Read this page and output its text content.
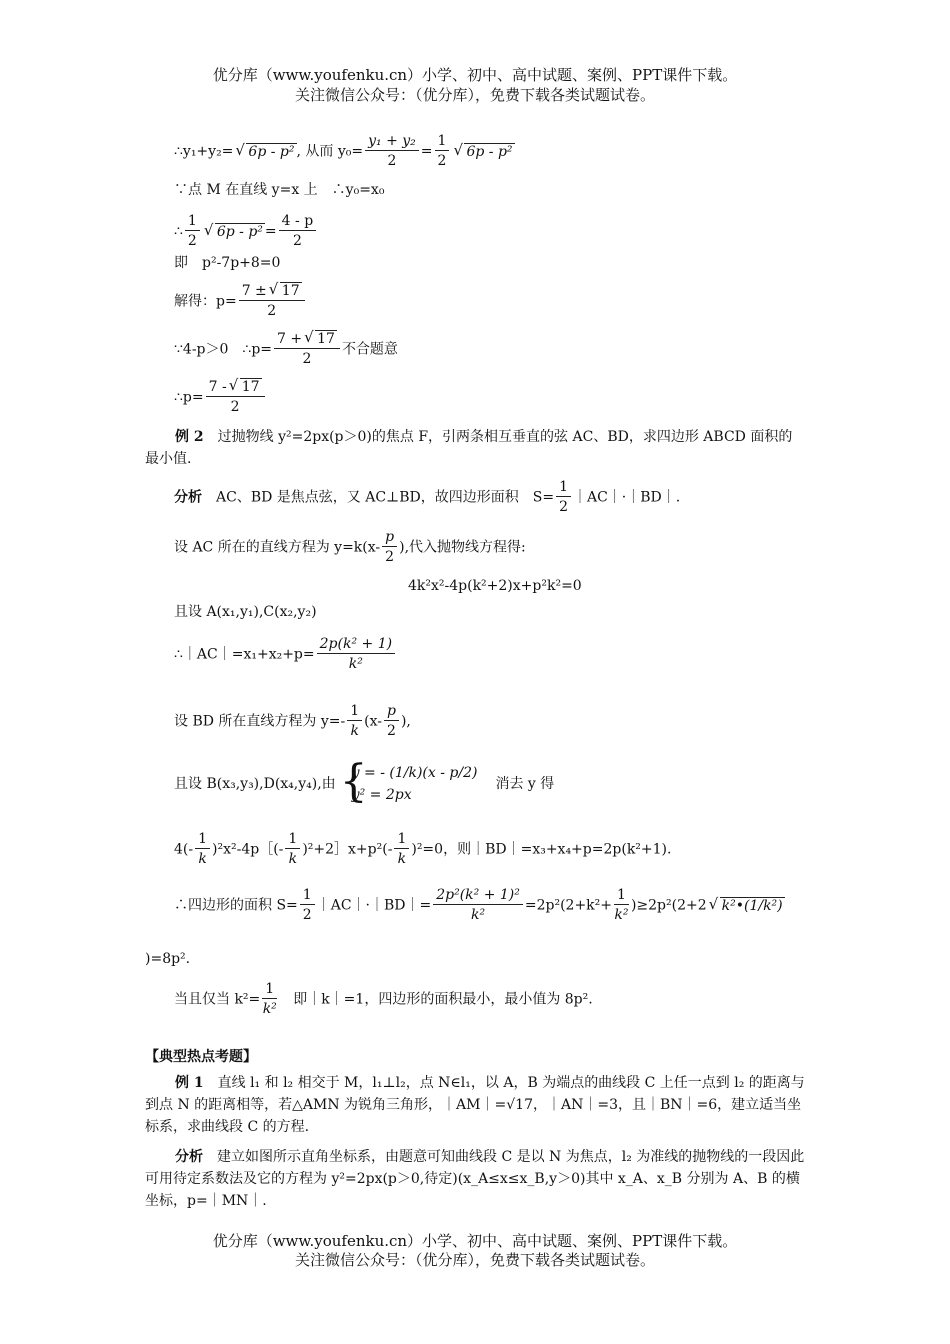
优分库（www.youfenku.cn）小学、初中、高中试题、案例、PPT课件下载。
关注微信公众号：（优分库），免费下载各类试题试卷。
∴y₁+y₂=√ 6p - p² , 从而 $y_0= \frac{\text{y₁ + y₂}}{2} = \frac{1}{2}$
√ 6p - p²
∵点 M 在直线 y=x 上　∴y₀=x₀
∴ $\frac{1}{2}$
√ $6p - p^2 = \frac{4 - p}{2}$
即　p²-7p+8=0
解得：$p= \frac{7 \pm√ 17}{2}$
∵4-p＞0　∴p= $\frac{7 +√ 17}{2}$ 不合题意
∴p= $\frac{7 -√ 17}{2}$
例 2　过抛物线 y²=2px(p＞0)的焦点 F，引两条相互垂直的弦 AC、BD，求四边形 ABCD 面积的最小值.
分析　AC、BD 是焦点弦，又 AC⊥BD，故四边形面积　$S= \frac{1}{2}$ ｜AC｜·｜BD｜.
设 AC 所在的直线方程为 $y=k(x- \frac{p}{2}$ ),代入抛物线方程得:
4k²x²-4p(k²+2)x+p²k²=0
且设 A(x₁,y₁),C(x₂,y₂)
∴｜AC｜=x₁+x₂+p= $\frac{\text{2p(k² + 1)}}{\text{k²}}$
设 BD 所在直线方程为 $y=- \frac{1}{k} (x- \frac{p}{2}$ ),
且设 B(x₃,y₃),D(x₄,y₄),由 {
y = - (1/k)(x - p/2)
y² = 2px
消去 y 得
$4(- \frac{1}{k}$ )²x²-4p［(- $\frac{1}{k}$ )²+2］x+p²(- $\frac{1}{k} )^2=0$，则｜BD｜=x₃+x₄+p=2p(k²+1).
∴四边形的面积 $S= \frac{1}{2}$ ｜AC｜·｜BD｜= $\frac{\text{2p²(k² + 1)²}}{\text{k²}} =2p^2(2+k^2+ \frac{1}{\text{k²}} )\ge 2p^2(2+2√$ k²•(1/k²)
)=8p².
当且仅当 $k^2= \frac{1}{\text{k²}}$ 　即｜k｜=1，四边形的面积最小，最小值为 8p².
【典型热点考题】
例 1　直线 l₁ 和 l₂ 相交于 M，l₁⊥l₂，点 N∈l₁，以 A，B 为端点的曲线段 C 上任一点到 l₂ 的距离与到点 N 的距离相等，若△AMN 为锐角三角形，｜AM｜=√17，｜AN｜=3，且｜BN｜=6，建立适当坐标系，求曲线段 C 的方程.
分析　建立如图所示直角坐标系，由题意可知曲线段 C 是以 N 为焦点，l₂ 为准线的抛物线的一段因此可用待定系数法及它的方程为 y²=2px(p＞0,待定)(x_A≤x≤x_B,y＞0)其中 x_A、x_B 分别为 A、B 的横坐标，p=｜MN｜.
优分库（www.youfenku.cn）小学、初中、高中试题、案例、PPT课件下载。
关注微信公众号：（优分库），免费下载各类试题试卷。
